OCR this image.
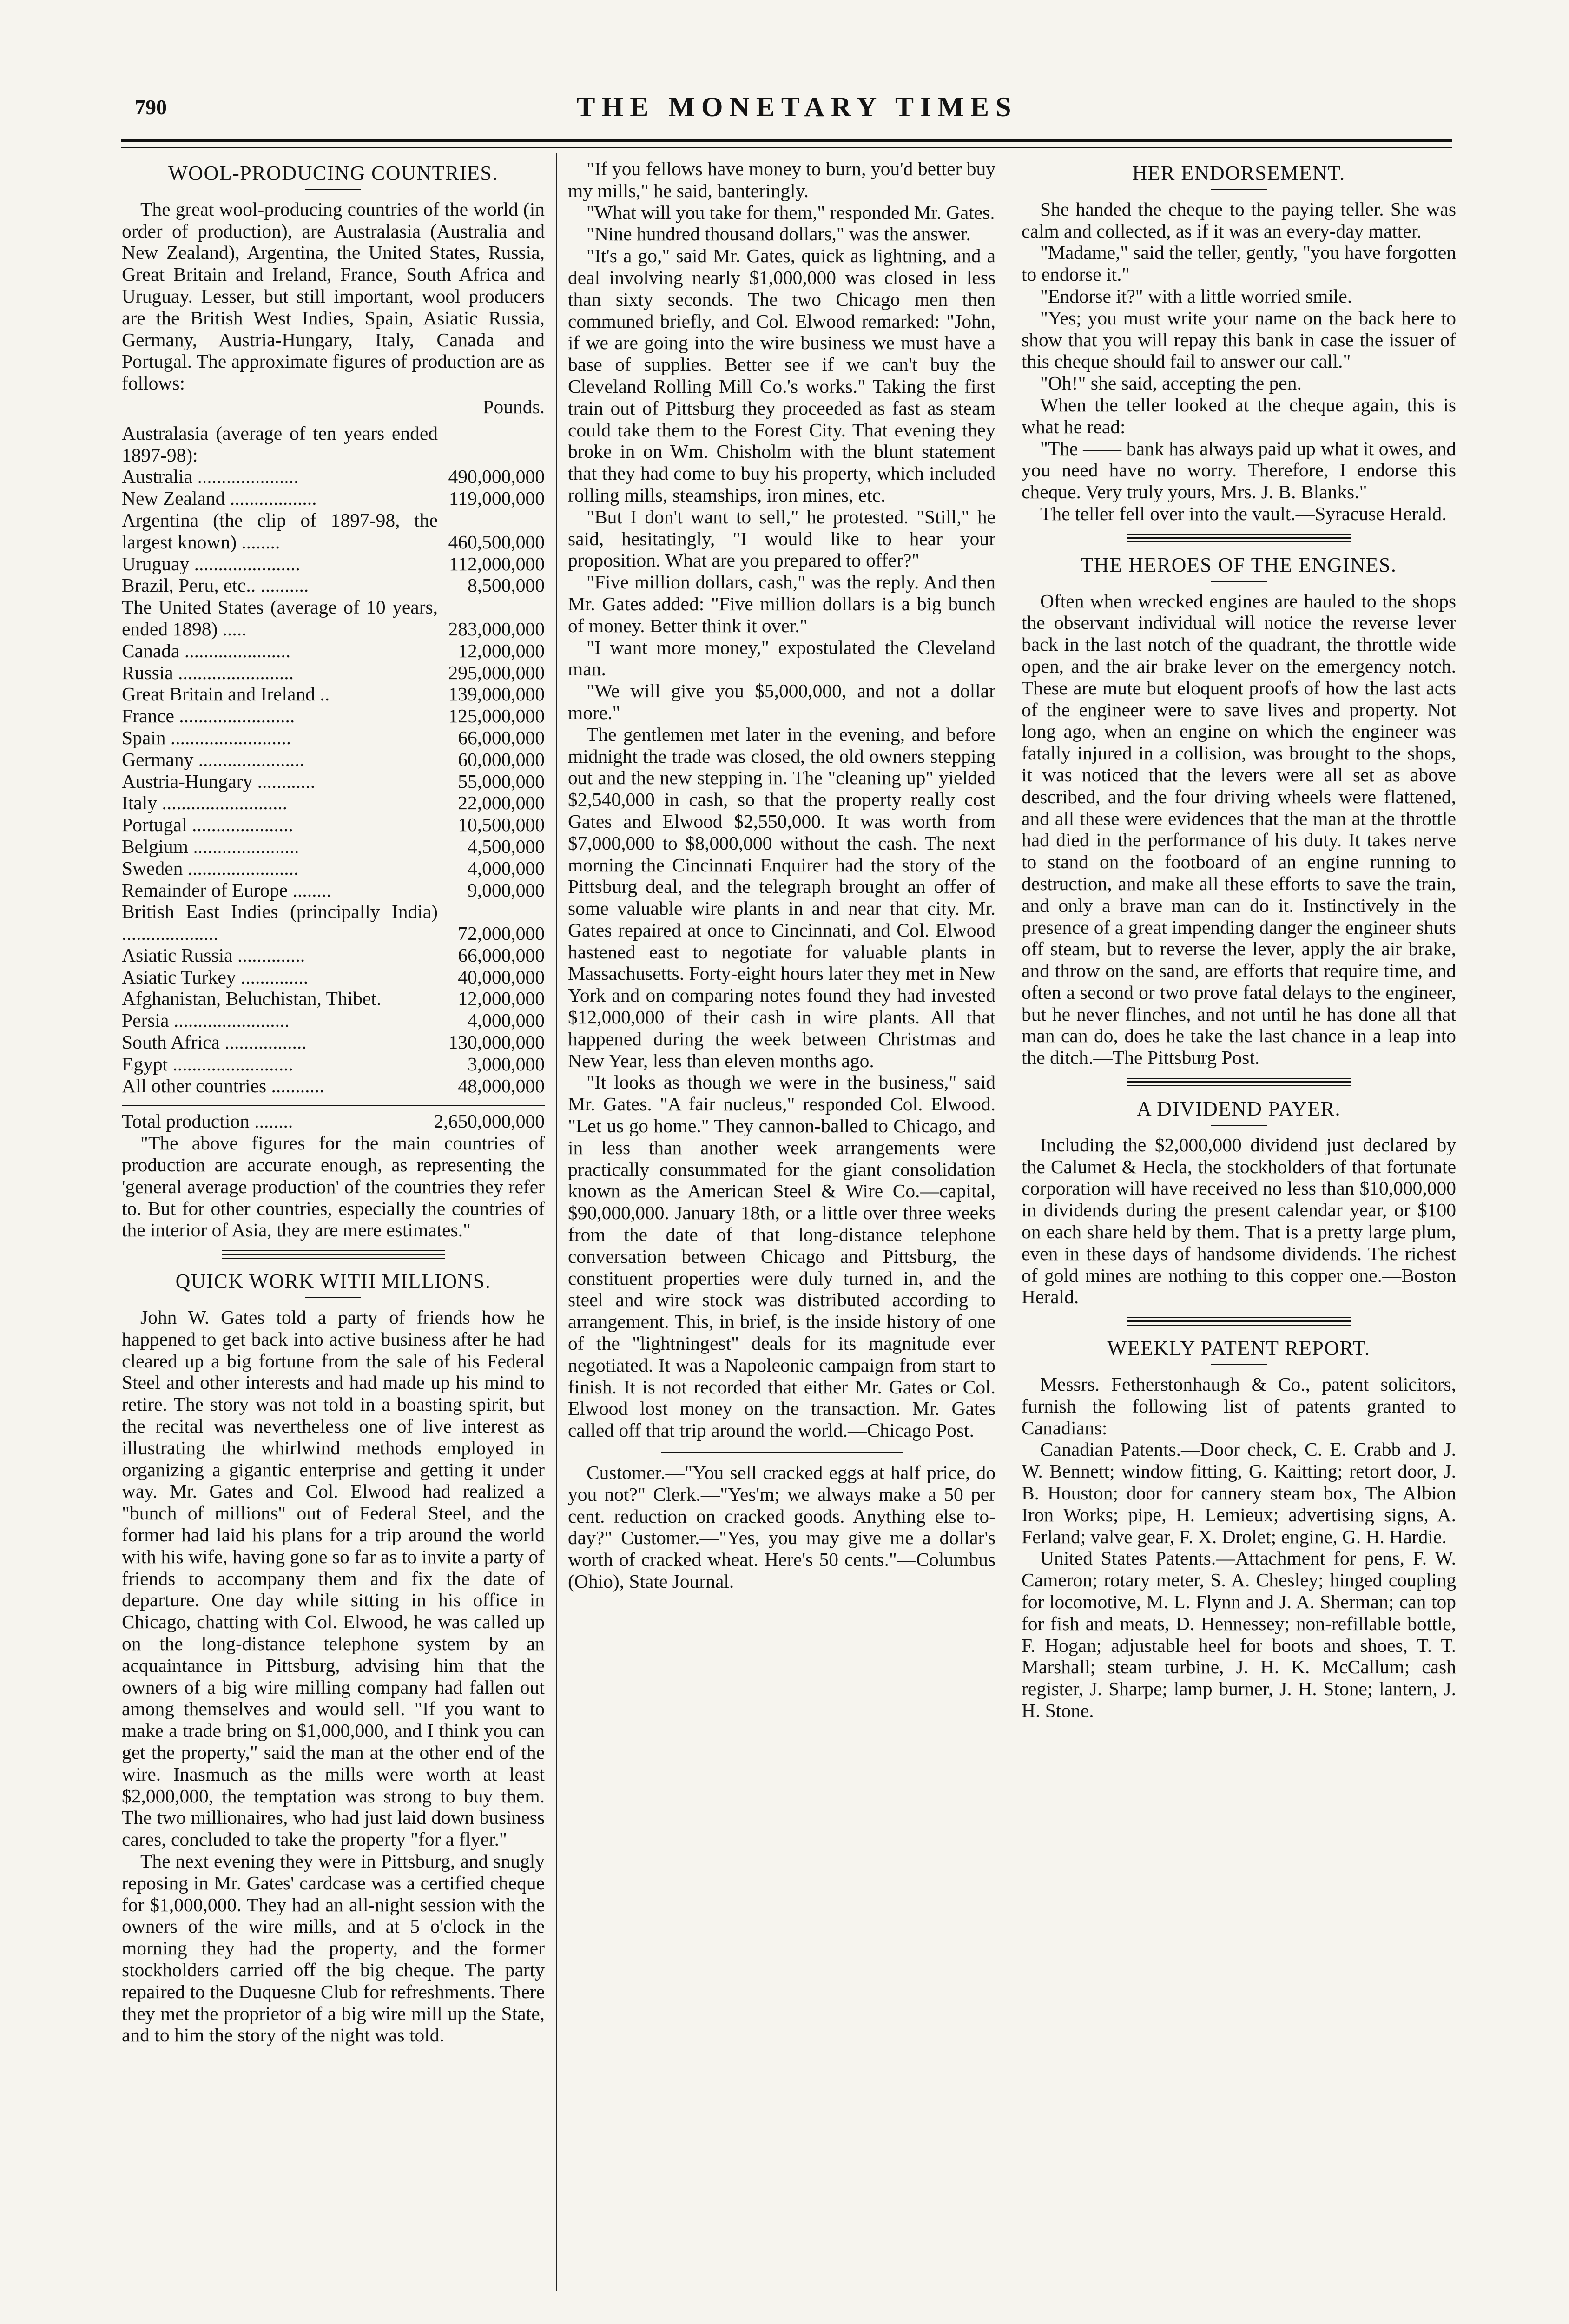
790	THE MONETARY TIMES
WOOL-PRODUCING COUNTRIES.

The great wool-producing countries of the world (in order of production), are Australasia (Australia and New Zealand), Argentina, the United States, Russia, Great Britain and Ireland, France, South Africa and Uruguay. Lesser, but still important, wool producers are the British West Indies, Spain, Asiatic Russia, Germany, Austria-Hungary, Italy, Canada and Portugal. The approximate figures of production are as follows:

Pounds.
Australasia (average of ten years ended 1897-98):	
Australia .....................	490,000,000
New Zealand ..................	119,000,000
Argentina (the clip of 1897-98, the largest known) ........	460,500,000
Uruguay ......................	112,000,000
Brazil, Peru, etc.. ..........	8,500,000
The United States (average of 10 years, ended 1898) .....	283,000,000
Canada ......................	12,000,000
Russia ........................	295,000,000
Great Britain and Ireland ..	139,000,000
France ........................	125,000,000
Spain .........................	66,000,000
Germany ......................	60,000,000
Austria-Hungary ............	55,000,000
Italy ..........................	22,000,000
Portugal .....................	10,500,000
Belgium ......................	4,500,000
Sweden .......................	4,000,000
Remainder of Europe ........	9,000,000
British East Indies (principally India) ....................	72,000,000
Asiatic Russia ..............	66,000,000
Asiatic Turkey ..............	40,000,000
Afghanistan, Beluchistan, Thibet.	12,000,000
Persia ........................	4,000,000
South Africa .................	130,000,000
Egypt .........................	3,000,000
All other countries ...........	48,000,000
Total production ........	2,650,000,000

"The above figures for the main countries of production are accurate enough, as representing the 'general average production' of the countries they refer to. But for other countries, especially the countries of the interior of Asia, they are mere estimates."

QUICK WORK WITH MILLIONS.

John W. Gates told a party of friends how he happened to get back into active business after he had cleared up a big fortune from the sale of his Federal Steel and other interests and had made up his mind to retire. The story was not told in a boasting spirit, but the recital was nevertheless one of live interest as illustrating the whirlwind methods employed in organizing a gigantic enterprise and getting it under way. Mr. Gates and Col. Elwood had realized a "bunch of millions" out of Federal Steel, and the former had laid his plans for a trip around the world with his wife, having gone so far as to invite a party of friends to accompany them and fix the date of departure. One day while sitting in his office in Chicago, chatting with Col. Elwood, he was called up on the long-distance telephone system by an acquaintance in Pittsburg, advising him that the owners of a big wire milling company had fallen out among themselves and would sell. "If you want to make a trade bring on $1,000,000, and I think you can get the property," said the man at the other end of the wire. Inasmuch as the mills were worth at least $2,000,000, the temptation was strong to buy them. The two millionaires, who had just laid down business cares, concluded to take the property "for a flyer."

The next evening they were in Pittsburg, and snugly reposing in Mr. Gates' cardcase was a certified cheque for $1,000,000. They had an all-night session with the owners of the wire mills, and at 5 o'clock in the morning they had the property, and the former stockholders carried off the big cheque. The party repaired to the Duquesne Club for refreshments. There they met the proprietor of a big wire mill up the State, and to him the story of the night was told.

"If you fellows have money to burn, you'd better buy my mills," he said, banteringly.

"What will you take for them," responded Mr. Gates.

"Nine hundred thousand dollars," was the answer.

"It's a go," said Mr. Gates, quick as lightning, and a deal involving nearly $1,000,000 was closed in less than sixty seconds. The two Chicago men then communed briefly, and Col. Elwood remarked: "John, if we are going into the wire business we must have a base of supplies. Better see if we can't buy the Cleveland Rolling Mill Co.'s works." Taking the first train out of Pittsburg they proceeded as fast as steam could take them to the Forest City. That evening they broke in on Wm. Chisholm with the blunt statement that they had come to buy his property, which included rolling mills, steamships, iron mines, etc.

"But I don't want to sell," he protested. "Still," he said, hesitatingly, "I would like to hear your proposition. What are you prepared to offer?"

"Five million dollars, cash," was the reply. And then Mr. Gates added: "Five million dollars is a big bunch of money. Better think it over."

"I want more money," expostulated the Cleveland man.

"We will give you $5,000,000, and not a dollar more."

The gentlemen met later in the evening, and before midnight the trade was closed, the old owners stepping out and the new stepping in. The "cleaning up" yielded $2,540,000 in cash, so that the property really cost Gates and Elwood $2,550,000. It was worth from $7,000,000 to $8,000,000 without the cash. The next morning the Cincinnati Enquirer had the story of the Pittsburg deal, and the telegraph brought an offer of some valuable wire plants in and near that city. Mr. Gates repaired at once to Cincinnati, and Col. Elwood hastened east to negotiate for valuable plants in Massachusetts. Forty-eight hours later they met in New York and on comparing notes found they had invested $12,000,000 of their cash in wire plants. All that happened during the week between Christmas and New Year, less than eleven months ago.

"It looks as though we were in the business," said Mr. Gates. "A fair nucleus," responded Col. Elwood. "Let us go home." They cannon-balled to Chicago, and in less than another week arrangements were practically consummated for the giant consolidation known as the American Steel & Wire Co.—capital, $90,000,000. January 18th, or a little over three weeks from the date of that long-distance telephone conversation between Chicago and Pittsburg, the constituent properties were duly turned in, and the steel and wire stock was distributed according to arrangement. This, in brief, is the inside history of one of the "lightningest" deals for its magnitude ever negotiated. It was a Napoleonic campaign from start to finish. It is not recorded that either Mr. Gates or Col. Elwood lost money on the transaction. Mr. Gates called off that trip around the world.—Chicago Post.

Customer.—"You sell cracked eggs at half price, do you not?" Clerk.—"Yes'm; we always make a 50 per cent. reduction on cracked goods. Anything else to-day?" Customer.—"Yes, you may give me a dollar's worth of cracked wheat. Here's 50 cents."—Columbus (Ohio), State Journal.

HER ENDORSEMENT.

She handed the cheque to the paying teller. She was calm and collected, as if it was an every-day matter.

"Madame," said the teller, gently, "you have forgotten to endorse it."

"Endorse it?" with a little worried smile.

"Yes; you must write your name on the back here to show that you will repay this bank in case the issuer of this cheque should fail to answer our call."

"Oh!" she said, accepting the pen.

When the teller looked at the cheque again, this is what he read:

"The —— bank has always paid up what it owes, and you need have no worry. Therefore, I endorse this cheque. Very truly yours, Mrs. J. B. Blanks."

The teller fell over into the vault.—Syracuse Herald.

THE HEROES OF THE ENGINES.

Often when wrecked engines are hauled to the shops the observant individual will notice the reverse lever back in the last notch of the quadrant, the throttle wide open, and the air brake lever on the emergency notch. These are mute but eloquent proofs of how the last acts of the engineer were to save lives and property. Not long ago, when an engine on which the engineer was fatally injured in a collision, was brought to the shops, it was noticed that the levers were all set as above described, and the four driving wheels were flattened, and all these were evidences that the man at the throttle had died in the performance of his duty. It takes nerve to stand on the footboard of an engine running to destruction, and make all these efforts to save the train, and only a brave man can do it. Instinctively in the presence of a great impending danger the engineer shuts off steam, but to reverse the lever, apply the air brake, and throw on the sand, are efforts that require time, and often a second or two prove fatal delays to the engineer, but he never flinches, and not until he has done all that man can do, does he take the last chance in a leap into the ditch.—The Pittsburg Post.

A DIVIDEND PAYER.

Including the $2,000,000 dividend just declared by the Calumet & Hecla, the stockholders of that fortunate corporation will have received no less than $10,000,000 in dividends during the present calendar year, or $100 on each share held by them. That is a pretty large plum, even in these days of handsome dividends. The richest of gold mines are nothing to this copper one.—Boston Herald.

WEEKLY PATENT REPORT.

Messrs. Fetherstonhaugh & Co., patent solicitors, furnish the following list of patents granted to Canadians:

Canadian Patents.—Door check, C. E. Crabb and J. W. Bennett; window fitting, G. Kaitting; retort door, J. B. Houston; door for cannery steam box, The Albion Iron Works; pipe, H. Lemieux; advertising signs, A. Ferland; valve gear, F. X. Drolet; engine, G. H. Hardie.

United States Patents.—Attachment for pens, F. W. Cameron; rotary meter, S. A. Chesley; hinged coupling for locomotive, M. L. Flynn and J. A. Sherman; can top for fish and meats, D. Hennessey; non-refillable bottle, F. Hogan; adjustable heel for boots and shoes, T. T. Marshall; steam turbine, J. H. K. McCallum; cash register, J. Sharpe; lamp burner, J. H. Stone; lantern, J. H. Stone.
